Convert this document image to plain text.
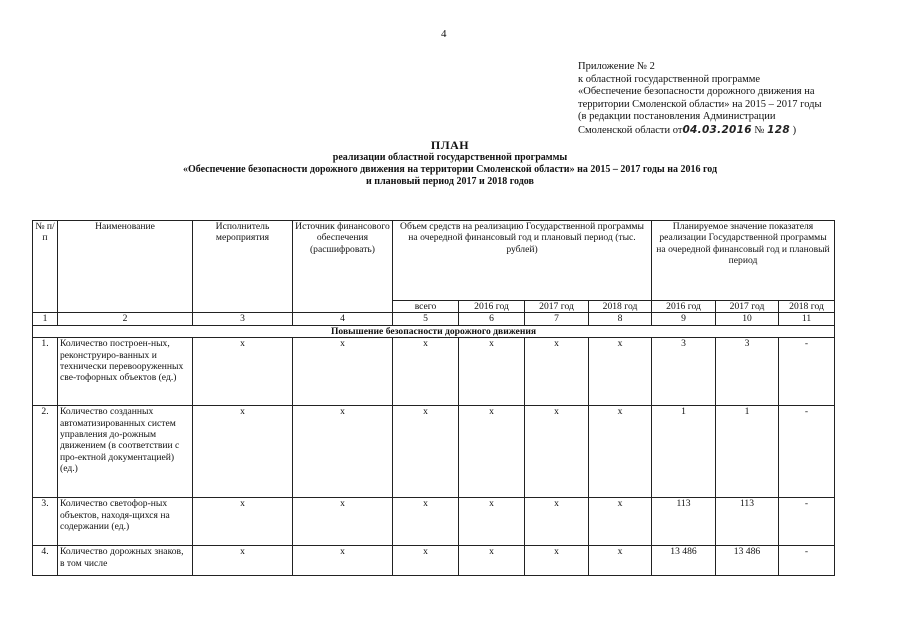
4
Приложение № 2
к областной государственной программе
«Обеспечение безопасности дорожного движения на
территории Смоленской области» на 2015 – 2017 годы
(в редакции постановления Администрации
Смоленской области от04.03.2016 № 128 )
ПЛАН
реализации областной государственной программы
«Обеспечение безопасности дорожного движения на территории Смоленской области» на 2015 – 2017 годы на 2016 год
и плановый период 2017 и 2018 годов
№ п/п	Наименование	Исполнитель мероприятия	Источник финансового обеспечения (расшифровать)	Объем средств на реализацию Государственной программы на очередной финансовый год и плановый период (тыс. рублей)				Планируемое значение показателя реализации Государственной программы на очередной финансовый год и плановый период		
				всего	2016 год	2017 год	2018 год	2016 год	2017 год	2018 год
1	2	3	4	5	6	7	8	9	10	11
Повышение безопасности дорожного движения										
1.	Количество построен-ных, реконструиро-ванных и технически перевооруженных све-тофорных объектов (ед.)	х	х	х	х	х	х	3	3	-
2.	Количество созданных автоматизированных систем управления до-рожным движением (в соответствии с про-ектной документацией) (ед.)	х	х	х	х	х	х	1	1	-
3.	Количество светофор-ных объектов, находя-щихся на содержании (ед.)	х	х	х	х	х	х	113	113	-
4.	Количество дорожных знаков, в том числе	х	х	х	х	х	х	13 486	13 486	-
